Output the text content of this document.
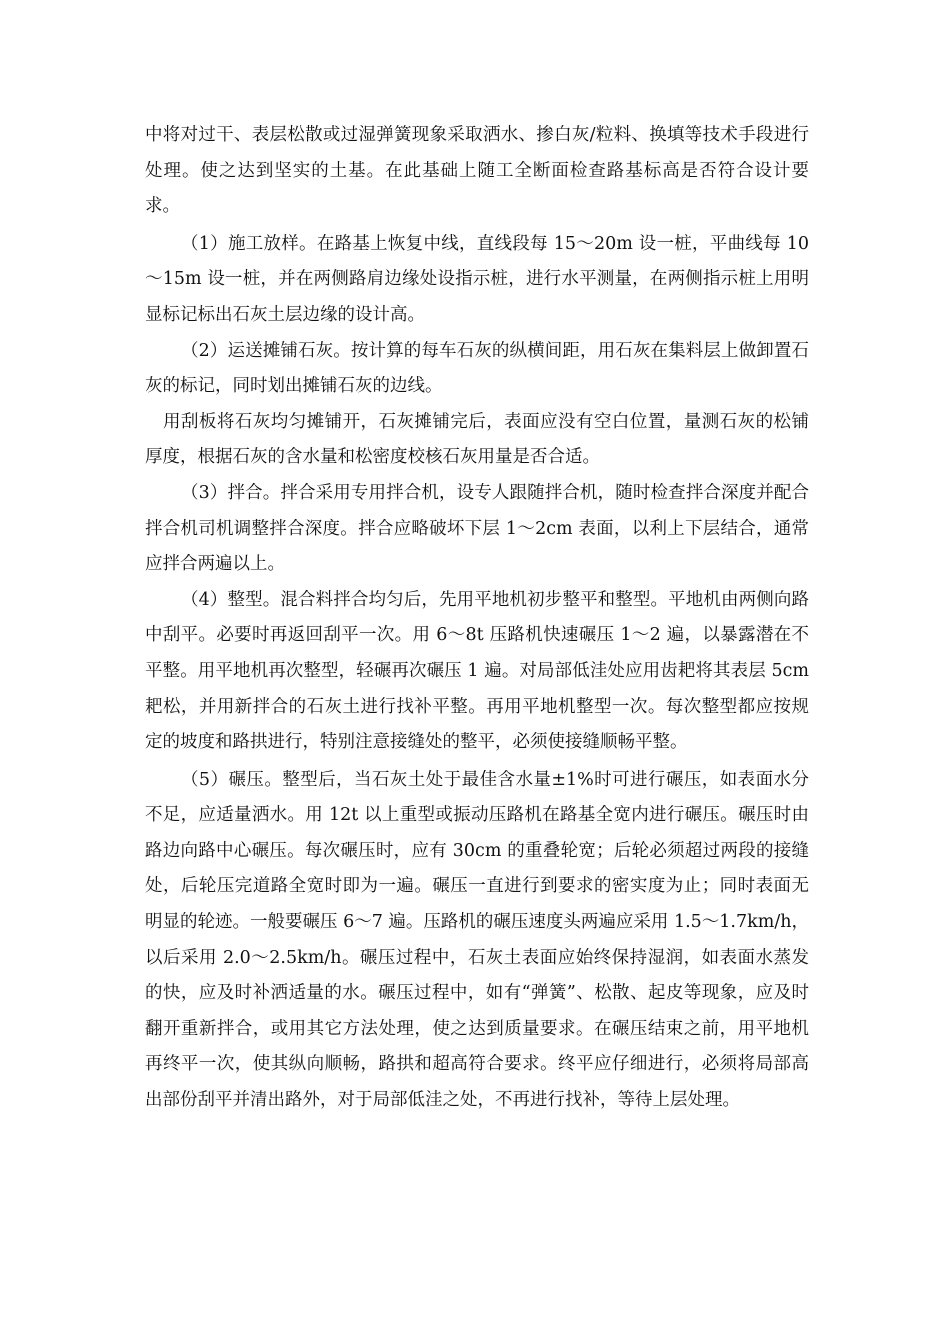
中将对过干、表层松散或过湿弹簧现象采取洒水、掺白灰/粒料、换填等技术手段进行处理。使之达到坚实的土基。在此基础上随工全断面检查路基标高是否符合设计要求。

（1）施工放样。在路基上恢复中线，直线段每 15～20m 设一桩，平曲线每 10～15m 设一桩，并在两侧路肩边缘处设指示桩，进行水平测量，在两侧指示桩上用明显标记标出石灰土层边缘的设计高。

（2）运送摊铺石灰。按计算的每车石灰的纵横间距，用石灰在集料层上做卸置石灰的标记，同时划出摊铺石灰的边线。

用刮板将石灰均匀摊铺开，石灰摊铺完后，表面应没有空白位置，量测石灰的松铺厚度，根据石灰的含水量和松密度校核石灰用量是否合适。

（3）拌合。拌合采用专用拌合机，设专人跟随拌合机，随时检查拌合深度并配合拌合机司机调整拌合深度。拌合应略破坏下层 1～2cm 表面，以利上下层结合，通常应拌合两遍以上。

（4）整型。混合料拌合均匀后，先用平地机初步整平和整型。平地机由两侧向路中刮平。必要时再返回刮平一次。用 6～8t 压路机快速碾压 1～2 遍，以暴露潜在不平整。用平地机再次整型，轻碾再次碾压 1 遍。对局部低洼处应用齿耙将其表层 5cm 耙松，并用新拌合的石灰土进行找补平整。再用平地机整型一次。每次整型都应按规定的坡度和路拱进行，特别注意接缝处的整平，必须使接缝顺畅平整。

（5）碾压。整型后，当石灰土处于最佳含水量±1%时可进行碾压，如表面水分不足，应适量洒水。用 12t 以上重型或振动压路机在路基全宽内进行碾压。碾压时由路边向路中心碾压。每次碾压时，应有 30cm 的重叠轮宽；后轮必须超过两段的接缝处，后轮压完道路全宽时即为一遍。碾压一直进行到要求的密实度为止；同时表面无明显的轮迹。一般要碾压 6～7 遍。压路机的碾压速度头两遍应采用 1.5～1.7km/h，以后采用 2.0～2.5km/h。碾压过程中，石灰土表面应始终保持湿润，如表面水蒸发的快，应及时补洒适量的水。碾压过程中，如有“弹簧”、松散、起皮等现象，应及时翻开重新拌合，或用其它方法处理，使之达到质量要求。在碾压结束之前，用平地机再终平一次，使其纵向顺畅，路拱和超高符合要求。终平应仔细进行，必须将局部高出部份刮平并清出路外，对于局部低洼之处，不再进行找补，等待上层处理。
